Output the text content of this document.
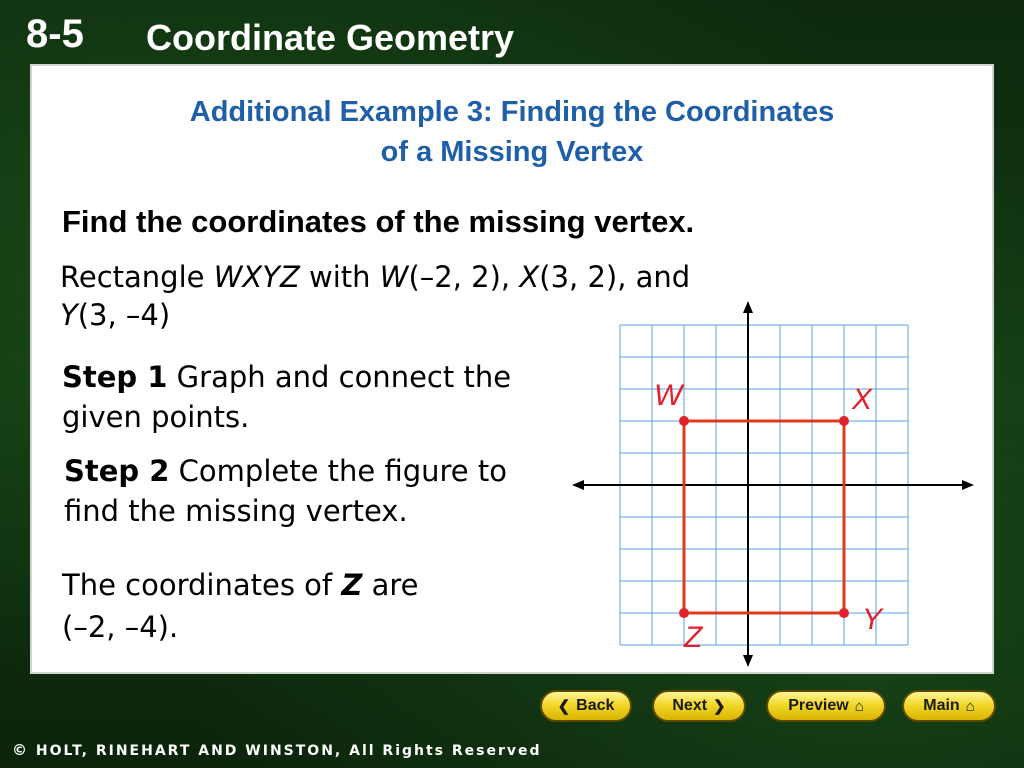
8-5 Coordinate Geometry
Additional Example 3: Finding the Coordinates
of a Missing Vertex
Find the coordinates of the missing vertex.
Rectangle WXYZ with W(–2, 2), X(3, 2), and
Y(3, –4)
Step 1 Graph and connect the given points.
Step 2 Complete the figure to find the missing vertex.
The coordinates of Z are
(–2, –4).
W	X
Y
Z
❮ Back	Next ❯	Preview ⌂	Main ⌂
© HOLT, RINEHART AND WINSTON, All Rights Reserved
